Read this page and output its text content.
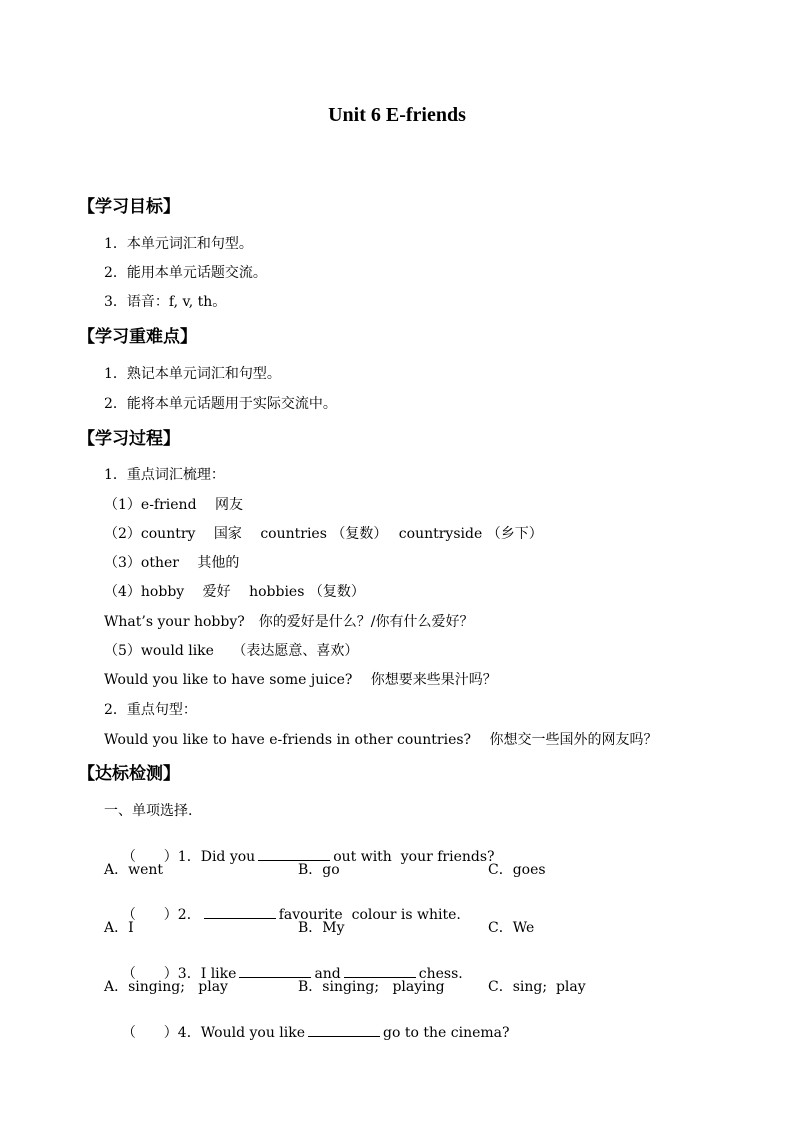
Unit 6 E-friends
【学习目标】
1．本单元词汇和句型。
2．能用本单元话题交流。
3．语音：f, v, th。
【学习重难点】
1．熟记本单元词汇和句型。
2．能将本单元话题用于实际交流中。
【学习过程】
1．重点词汇梳理：
（1）e-friend　 网友
（2）country　 国家　 countries （复数）　 countryside （乡下）
（3）other　 其他的
（4）hobby　 爱好　 hobbies （复数）
What’s your hobby?　你的爱好是什么？/你有什么爱好？
（5）would like　 （表达愿意、喜欢）
Would you like to have some juice?　 你想要来些果汁吗？
2．重点句型：
Would you like to have e-friends in other countries?　 你想交一些国外的网友吗？
【达标检测】
一、单项选择.

（　　）1．Did you	out with  your friends?

A．went	B．go	C．goes

（　　）2．	favourite  colour is white.

A．I	B．My	C．We

（　　）3．I like	and	chess.

A．singing;   play	B．singing;   playing	C．sing;  play

（　　）4．Would you like	go to the cinema?
